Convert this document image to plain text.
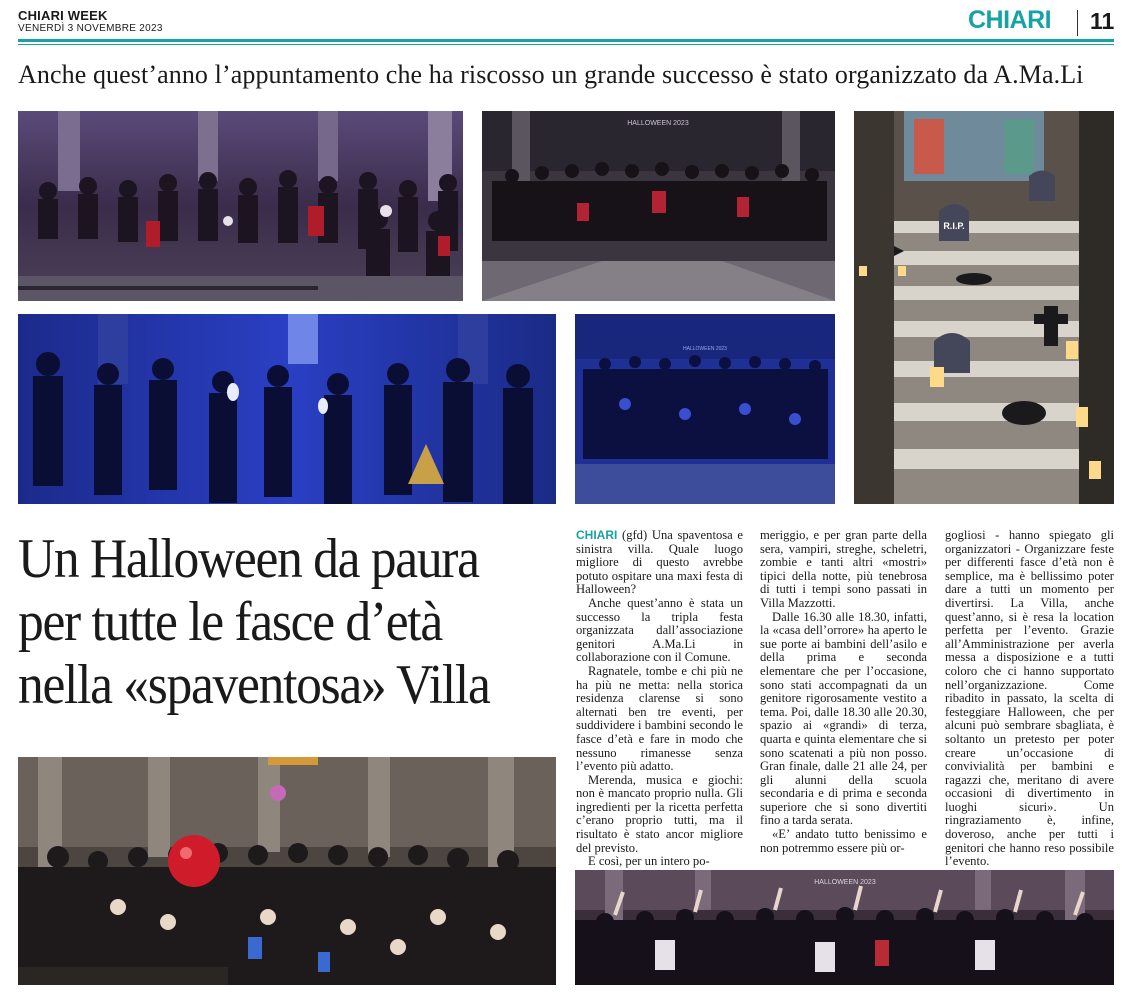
CHIARI WEEK
VENERDÌ 3 NOVEMBRE 2023	CHIARI 11
Anche quest’anno l’appuntamento che ha riscosso un grande successo è stato organizzato da A.Ma.Li
HALLOWEEN 2023
R.I.P.
HALLOWEEN 2023
Un Halloween da paura
per tutte le fasce d’età
nella «spaventosa» Villa

CHIARI (gfd) Una spaventosa e sinistra villa. Quale luogo migliore di questo avrebbe potuto ospitare una maxi festa di Halloween?

Anche quest’anno è stata un successo la tripla festa organizzata dall’associazione genitori A.Ma.Li in collaborazione con il Comune.

Ragnatele, tombe e chi più ne ha più ne metta: nella storica residenza clarense si sono alternati ben tre eventi, per suddividere i bambini secondo le fasce d’età e fare in modo che nessuno rimanesse senza l’evento più adatto.

Merenda, musica e giochi: non è mancato proprio nulla. Gli ingredienti per la ricetta perfetta c’erano proprio tutti, ma il risultato è stato ancor migliore del previsto.

E così, per un intero po-

meriggio, e per gran parte della sera, vampiri, streghe, scheletri, zombie e tanti altri «mostri» tipici della notte, più tenebrosa di tutti i tempi sono passati in Villa Mazzotti.

Dalle 16.30 alle 18.30, infatti, la «casa dell’orrore» ha aperto le sue porte ai bambini dell’asilo e della prima e seconda elementare che per l’occasione, sono stati accompagnati da un genitore rigorosamente vestito a tema. Poi, dalle 18.30 alle 20.30, spazio ai «grandi» di terza, quarta e quinta elementare che si sono scatenati a più non posso. Gran finale, dalle 21 alle 24, per gli alunni della scuola secondaria e di prima e seconda superiore che si sono divertiti fino a tarda serata.

«E’ andato tutto benissimo e non potremmo essere più or-

gogliosi - hanno spiegato gli organizzatori - Organizzare feste per differenti fasce d’età non è semplice, ma è bellissimo poter dare a tutti un momento per divertirsi. La Villa, anche quest’anno, si è resa la location perfetta per l’evento. Grazie all’Amministrazione per averla messa a disposizione e a tutti coloro che ci hanno supportato nell’organizzazione. Come ribadito in passato, la scelta di festeggiare Halloween, che per alcuni può sembrare sbagliata, è soltanto un pretesto per poter creare un’occasione di convivialità per bambini e ragazzi che, meritano di avere occasioni di divertimento in luoghi sicuri». Un ringraziamento è, infine, doveroso, anche per tutti i genitori che hanno reso possibile l’evento.

HALLOWEEN 2023
